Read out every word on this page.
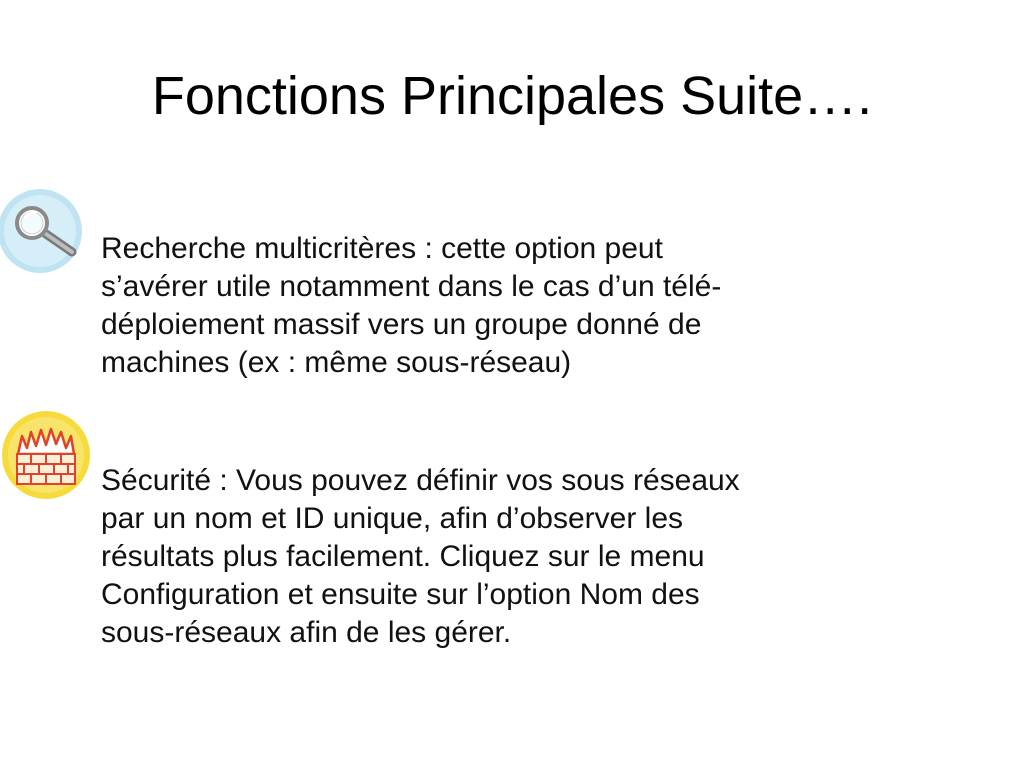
Fonctions Principales Suite….

Recherche multicritères : cette option peut
s’avérer utile notamment dans le cas d’un télé-
déploiement massif vers un groupe donné de
machines (ex : même sous-réseau)

Sécurité : Vous pouvez définir vos sous réseaux
par un nom et ID unique, afin d’observer les
résultats plus facilement. Cliquez sur le menu
Configuration et ensuite sur l’option Nom des
sous-réseaux afin de les gérer.
